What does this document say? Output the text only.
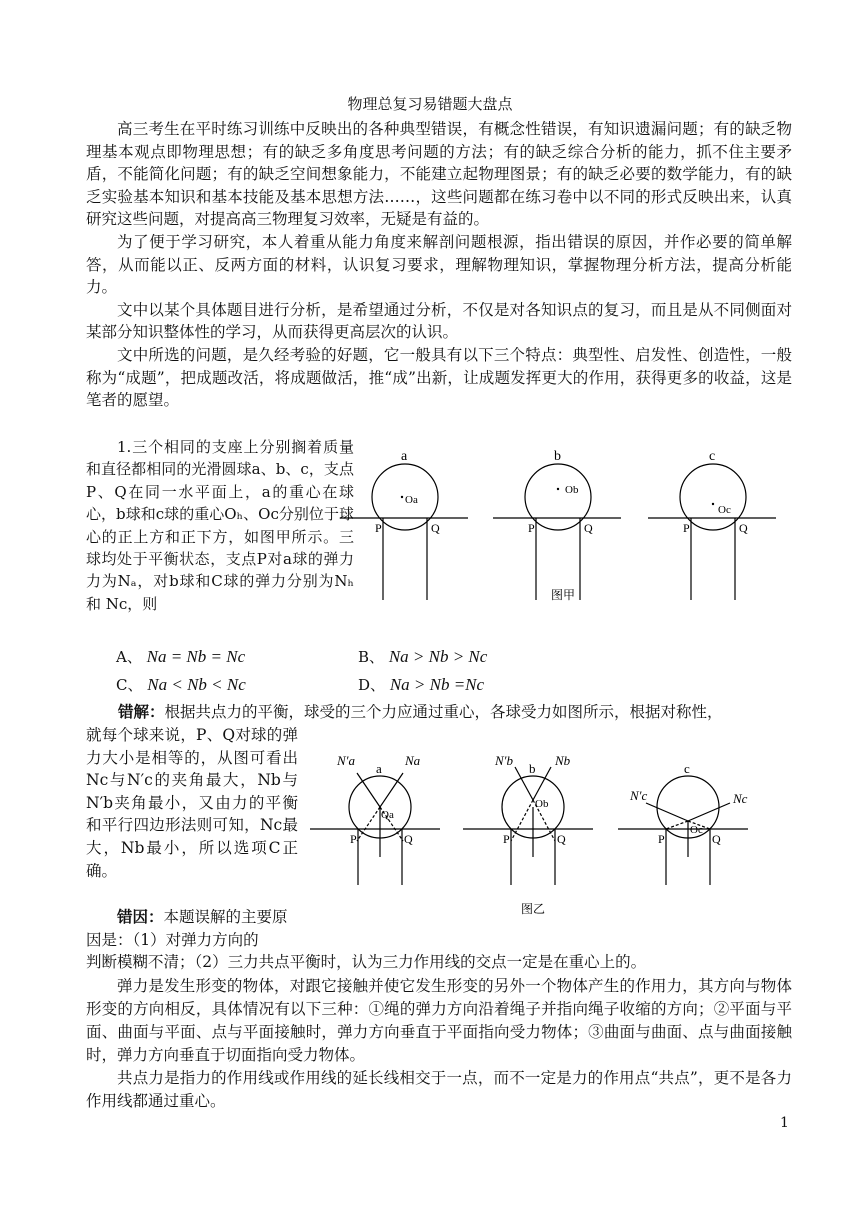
物理总复习易错题大盘点

高三考生在平时练习训练中反映出的各种典型错误，有概念性错误，有知识遗漏问题；有的缺乏物理基本观点即物理思想；有的缺乏多角度思考问题的方法；有的缺乏综合分析的能力，抓不住主要矛盾，不能简化问题；有的缺乏空间想象能力，不能建立起物理图景；有的缺乏必要的数学能力，有的缺乏实验基本知识和基本技能及基本思想方法……，这些问题都在练习卷中以不同的形式反映出来，认真研究这些问题，对提高高三物理复习效率，无疑是有益的。

为了便于学习研究，本人着重从能力角度来解剖问题根源，指出错误的原因，并作必要的简单解答，从而能以正、反两方面的材料，认识复习要求，理解物理知识，掌握物理分析方法，提高分析能力。

文中以某个具体题目进行分析，是希望通过分析，不仅是对各知识点的复习，而且是从不同侧面对某部分知识整体性的学习，从而获得更高层次的认识。

文中所选的问题，是久经考验的好题，它一般具有以下三个特点：典型性、启发性、创造性，一般称为“成题”，把成题改活，将成题做活，推“成”出新，让成题发挥更大的作用，获得更多的收益，这是笔者的愿望。

1.三个相同的支座上分别搁着质量和直径都相同的光滑圆球a、b、c，支点P、Q在同一水平面上，a的重心在球心，b球和c球的重心Oₕ、Oᴄ分别位于球心的正上方和正下方，如图甲所示。三球均处于平衡状态，支点P对a球的弹力力为Nₐ，对b球和C球的弹力分别为Nₕ和 Nᴄ，则

a	b	c
Oa
Ob
Oc
P	Q	P	Q	P	Q
图甲
A、 Na = Nb = Nc	B、 Na > Nb > Nc
C、 Na < Nb < Nc	D、 Na > Nb =Nc
错解：根据共点力的平衡，球受的三个力应通过重心，各球受力如图所示，根据对称性，
就每个球来说，P、Q对球的弹力大小是相等的，从图可看出Nc与N′c的夹角最大，Nb与N′b夹角最小，又由力的平衡和平行四边形法则可知，Nc最大，Nb最小，所以选项C正确。
a	b	c
Qa
Ob
Oc
N′a	Na	N′b	Nb
N′c	Nc
P	Q	P	Q	P	Q
图乙
错因：本题误解的主要原因是：（1）对弹力方向的
判断模糊不清；（2）三力共点平衡时，认为三力作用线的交点一定是在重心上的。

弹力是发生形变的物体，对跟它接触并使它发生形变的另外一个物体产生的作用力，其方向与物体形变的方向相反，具体情况有以下三种：①绳的弹力方向沿着绳子并指向绳子收缩的方向；②平面与平面、曲面与平面、点与平面接触时，弹力方向垂直于平面指向受力物体；③曲面与曲面、点与曲面接触时，弹力方向垂直于切面指向受力物体。

共点力是指力的作用线或作用线的延长线相交于一点，而不一定是力的作用点“共点”，更不是各力作用线都通过重心。

1
